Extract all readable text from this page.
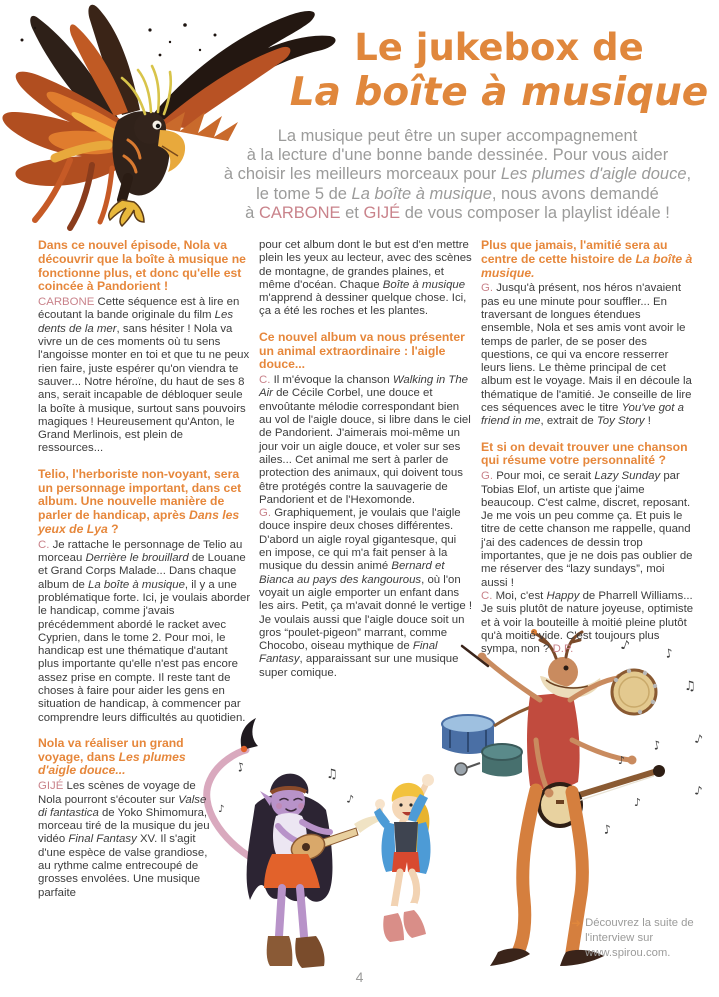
Le jukebox de
La boîte à musique
La musique peut être un super accompagnement
à la lecture d'une bonne bande dessinée. Pour vous aider
à choisir les meilleurs morceaux pour Les plumes d'aigle douce,
le tome 5 de La boîte à musique, nous avons demandé
à CARBONE et GIJÉ de vous composer la playlist idéale !

Dans ce nouvel épisode, Nola va découvrir que la boîte à musique ne fonctionne plus, et donc qu'elle est coincée à Pandorient !

CARBONE Cette séquence est à lire en écoutant la bande originale du film Les dents de la mer, sans hésiter ! Nola va vivre un de ces moments où tu sens l'angoisse monter en toi et que tu ne peux rien faire, juste espérer qu'on viendra te sauver... Notre héroïne, du haut de ses 8 ans, serait incapable de débloquer seule la boîte à musique, surtout sans pouvoirs magiques ! Heureusement qu'Anton, le Grand Merlinois, est plein de ressources...

Telio, l'herboriste non-voyant, sera un personnage important, dans cet album. Une nouvelle manière de parler de handicap, après Dans les yeux de Lya ?

C. Je rattache le personnage de Telio au morceau Derrière le brouillard de Louane et Grand Corps Malade... Dans chaque album de La boîte à musique, il y a une problématique forte. Ici, je voulais aborder le handicap, comme j'avais précédemment abordé le racket avec Cyprien, dans le tome 2. Pour moi, le handicap est une thématique d'autant plus importante qu'elle n'est pas encore assez prise en compte. Il reste tant de choses à faire pour aider les gens en situation de handicap, à commencer par comprendre leurs difficultés au quotidien.

Nola va réaliser un grand voyage, dans Les plumes d'aigle douce...

GIJÉ Les scènes de voyage de Nola pourront s'écouter sur Valse di fantastica de Yoko Shimomura, morceau tiré de la musique du jeu vidéo Final Fantasy XV. Il s'agit d'une espèce de valse grandiose, au rythme calme entrecoupé de grosses envolées. Une musique parfaite

pour cet album dont le but est d'en mettre plein les yeux au lecteur, avec des scènes de montagne, de grandes plaines, et même d'océan. Chaque Boîte à musique m'apprend à dessiner quelque chose. Ici, ça a été les roches et les plantes.

Ce nouvel album va nous présenter un animal extraordinaire : l'aigle douce...

C. Il m'évoque la chanson Walking in The Air de Cécile Corbel, une douce et envoûtante mélodie correspondant bien au vol de l'aigle douce, si libre dans le ciel de Pandorient. J'aimerais moi-même un jour voir un aigle douce, et voler sur ses ailes... Cet animal me sert à parler de protection des animaux, qui doivent tous être protégés contre la sauvagerie de Pandorient et de l'Hexomonde.

G. Graphiquement, je voulais que l'aigle douce inspire deux choses différentes. D'abord un aigle royal gigantesque, qui en impose, ce qui m'a fait penser à la musique du dessin animé Bernard et Bianca au pays des kangourous, où l'on voyait un aigle emporter un enfant dans les airs. Petit, ça m'avait donné le vertige ! Je voulais aussi que l'aigle douce soit un gros “poulet-pigeon” marrant, comme Chocobo, oiseau mythique de Final Fantasy, apparaissant sur une musique super comique.

Plus que jamais, l'amitié sera au centre de cette histoire de La boîte à musique.

G. Jusqu'à présent, nos héros n'avaient pas eu une minute pour souffler... En traversant de longues étendues ensemble, Nola et ses amis vont avoir le temps de parler, de se poser des questions, ce qui va encore resserrer leurs liens. Le thème principal de cet album est le voyage. Mais il en découle la thématique de l'amitié. Je conseille de lire ces séquences avec le titre You've got a friend in me, extrait de Toy Story !

Et si on devait trouver une chanson qui résume votre personnalité ?

G. Pour moi, ce serait Lazy Sunday par Tobias Elof, un artiste que j'aime beaucoup. C'est calme, discret, reposant. Je me vois un peu comme ça. Et puis le titre de cette chanson me rappelle, quand j'ai des cadences de dessin trop importantes, que je ne dois pas oublier de me réserver des “lazy sundays”, moi aussi !

C. Moi, c'est Happy de Pharrell Williams... Je suis plutôt de nature joyeuse, optimiste et à voir la bouteille à moitié pleine plutôt qu'à moitié vide. C'est toujours plus sympa, non ? D.P.

♪	♫
♪
♪
♪	♪
♫
♪
♪
♪
♪
♪
♪
➜ Découvrez la suite de l'interview sur www.spirou.com.
4
